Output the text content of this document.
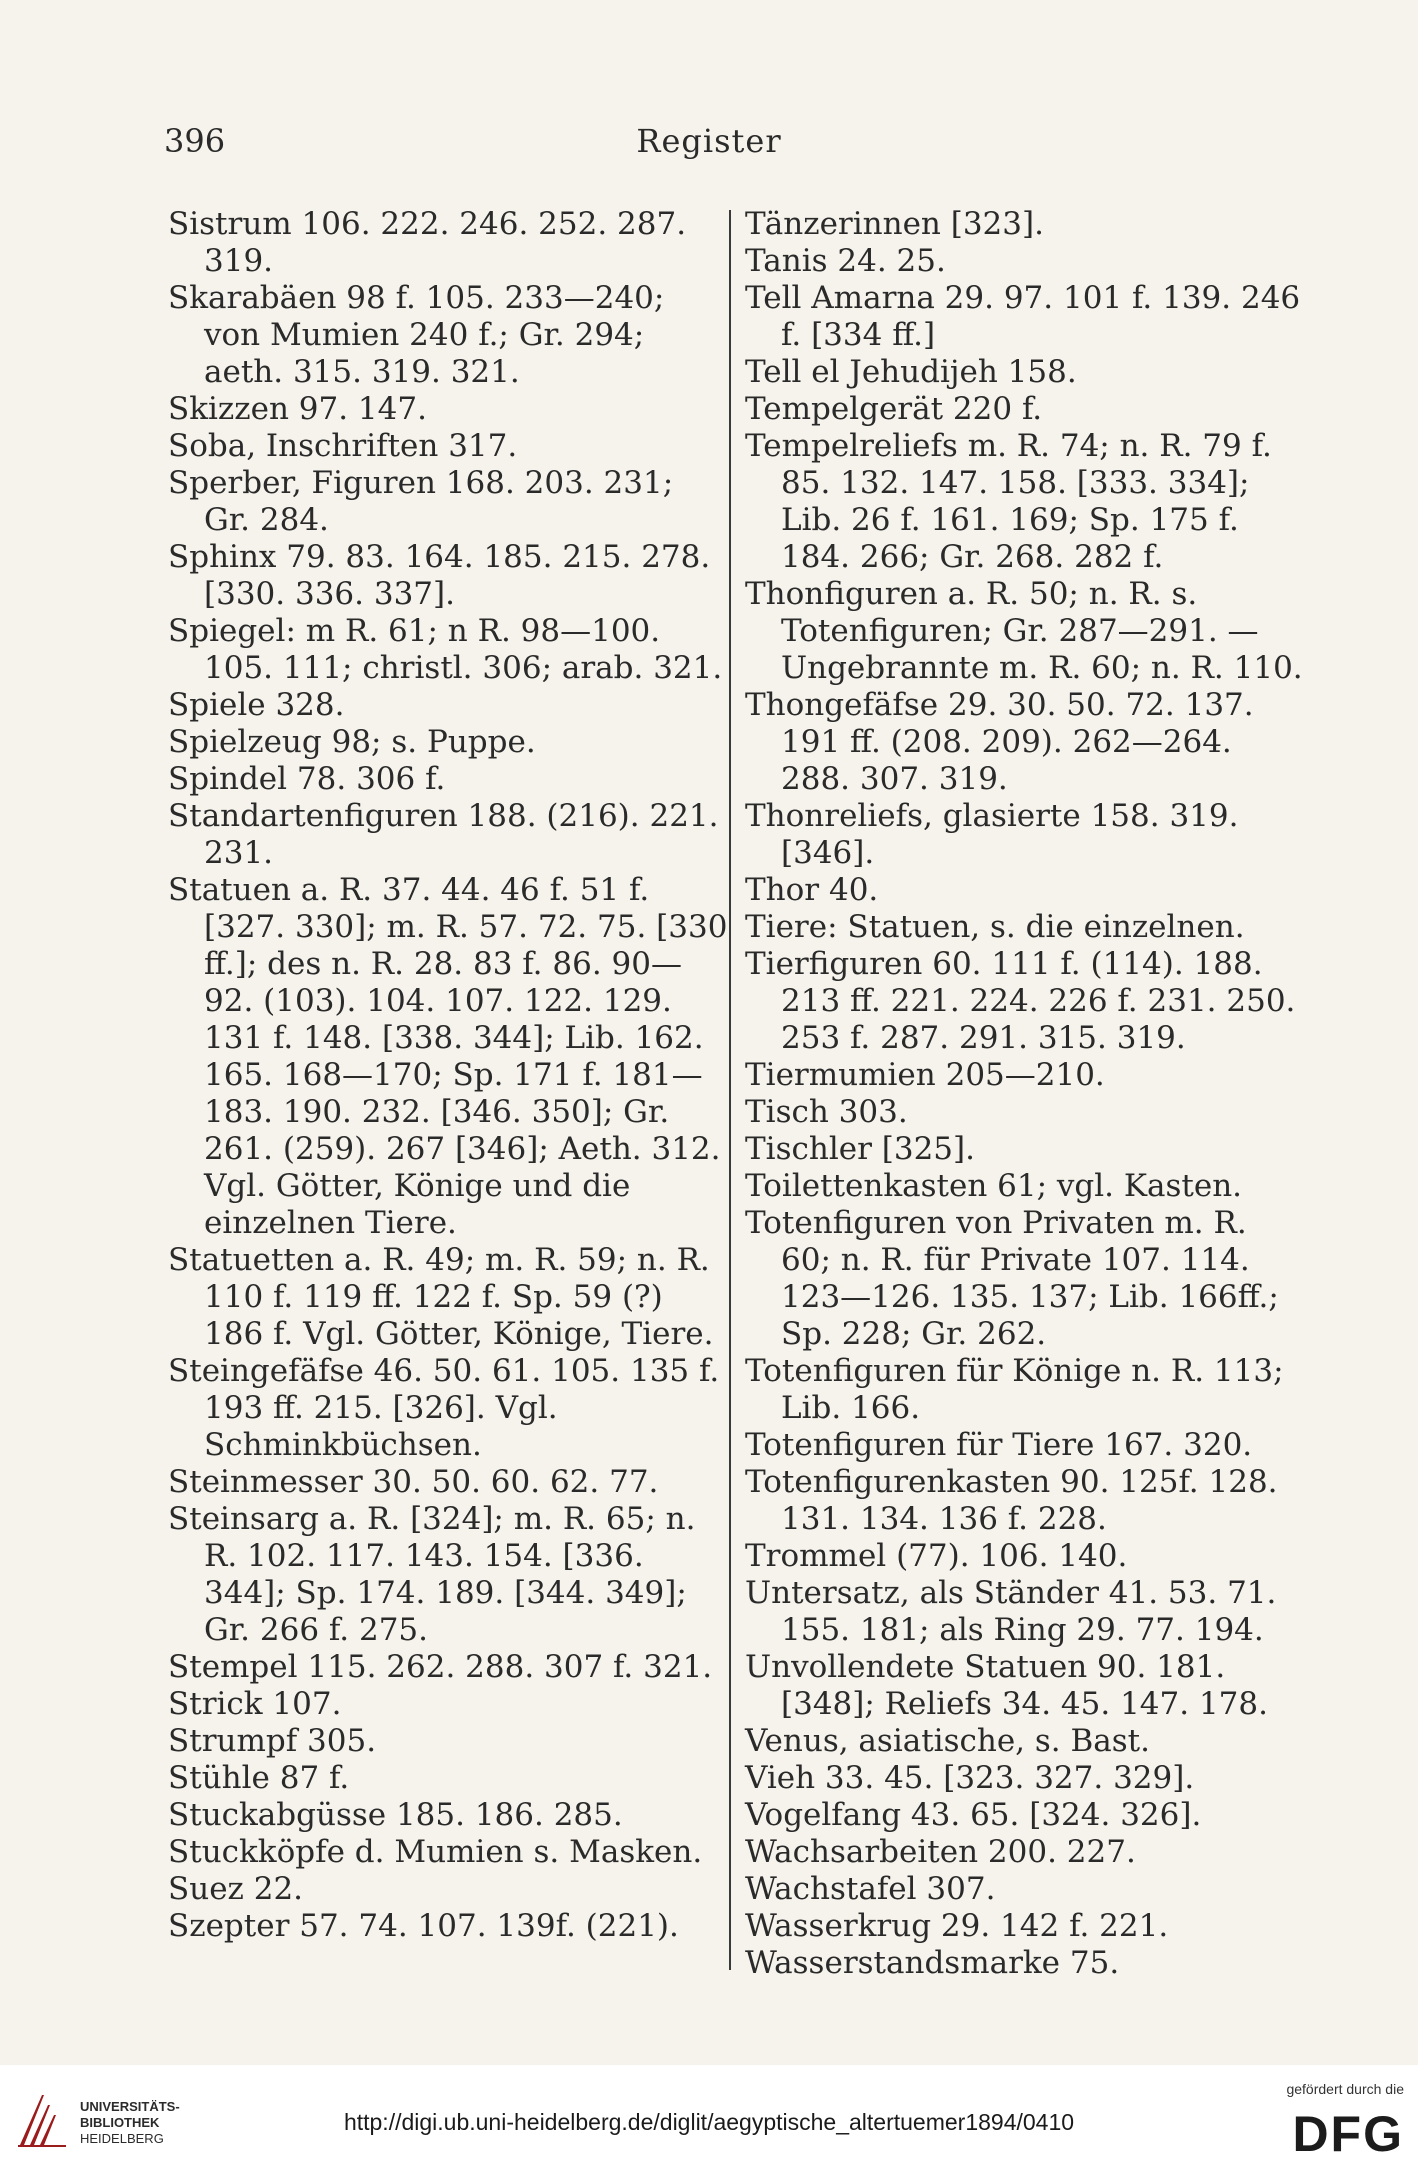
396	Register

Sistrum 106. 222. 246. 252. 287. 319.

Skarabäen 98 f. 105. 233—240; von Mumien 240 f.; Gr. 294; aeth. 315. 319. 321.

Skizzen 97. 147.

Soba, Inschriften 317.

Sperber, Figuren 168. 203. 231; Gr. 284.

Sphinx 79. 83. 164. 185. 215. 278. [330. 336. 337].

Spiegel: m R. 61; n R. 98—100. 105. 111; christl. 306; arab. 321.

Spiele 328.

Spielzeug 98; s. Puppe.

Spindel 78. 306 f.

Standartenfiguren 188. (216). 221. 231.

Statuen a. R. 37. 44. 46 f. 51 f. [327. 330]; m. R. 57. 72. 75. [330 ff.]; des n. R. 28. 83 f. 86. 90—92. (103). 104. 107. 122. 129. 131 f. 148. [338. 344]; Lib. 162. 165. 168—170; Sp. 171 f. 181—183. 190. 232. [346. 350]; Gr. 261. (259). 267 [346]; Aeth. 312. Vgl. Götter, Könige und die einzelnen Tiere.

Statuetten a. R. 49; m. R. 59; n. R. 110 f. 119 ff. 122 f. Sp. 59 (?) 186 f. Vgl. Götter, Könige, Tiere.

Steingefäfse 46. 50. 61. 105. 135 f. 193 ff. 215. [326]. Vgl. Schminkbüchsen.

Steinmesser 30. 50. 60. 62. 77.

Steinsarg a. R. [324]; m. R. 65; n. R. 102. 117. 143. 154. [336. 344]; Sp. 174. 189. [344. 349]; Gr. 266 f. 275.

Stempel 115. 262. 288. 307 f. 321.

Strick 107.

Strumpf 305.

Stühle 87 f.

Stuckabgüsse 185. 186. 285.

Stuckköpfe d. Mumien s. Masken.

Suez 22.

Szepter 57. 74. 107. 139f. (221).

Tänzerinnen [323].

Tanis 24. 25.

Tell Amarna 29. 97. 101 f. 139. 246 f. [334 ff.]

Tell el Jehudijeh 158.

Tempelgerät 220 f.

Tempelreliefs m. R. 74; n. R. 79 f. 85. 132. 147. 158. [333. 334]; Lib. 26 f. 161. 169; Sp. 175 f. 184. 266; Gr. 268. 282 f.

Thonfiguren a. R. 50; n. R. s. Totenfiguren; Gr. 287—291. — Ungebrannte m. R. 60; n. R. 110.

Thongefäfse 29. 30. 50. 72. 137. 191 ff. (208. 209). 262—264. 288. 307. 319.

Thonreliefs, glasierte 158. 319. [346].

Thor 40.

Tiere: Statuen, s. die einzelnen.

Tierfiguren 60. 111 f. (114). 188. 213 ff. 221. 224. 226 f. 231. 250. 253 f. 287. 291. 315. 319.

Tiermumien 205—210.

Tisch 303.

Tischler [325].

Toilettenkasten 61; vgl. Kasten.

Totenfiguren von Privaten m. R. 60; n. R. für Private 107. 114. 123—126. 135. 137; Lib. 166ff.; Sp. 228; Gr. 262.

Totenfiguren für Könige n. R. 113; Lib. 166.

Totenfiguren für Tiere 167. 320.

Totenfigurenkasten 90. 125f. 128. 131. 134. 136 f. 228.

Trommel (77). 106. 140.

Untersatz, als Ständer 41. 53. 71. 155. 181; als Ring 29. 77. 194.

Unvollendete Statuen 90. 181. [348]; Reliefs 34. 45. 147. 178.

Venus, asiatische, s. Bast.

Vieh 33. 45. [323. 327. 329].

Vogelfang 43. 65. [324. 326].

Wachsarbeiten 200. 227.

Wachstafel 307.

Wasserkrug 29. 142 f. 221.

Wasserstandsmarke 75.

UNIVERSITÄTS-
BIBLIOTHEK
HEIDELBERG
http://digi.ub.uni-heidelberg.de/diglit/aegyptische_altertuemer1894/0410
gefördert durch die
DFG
